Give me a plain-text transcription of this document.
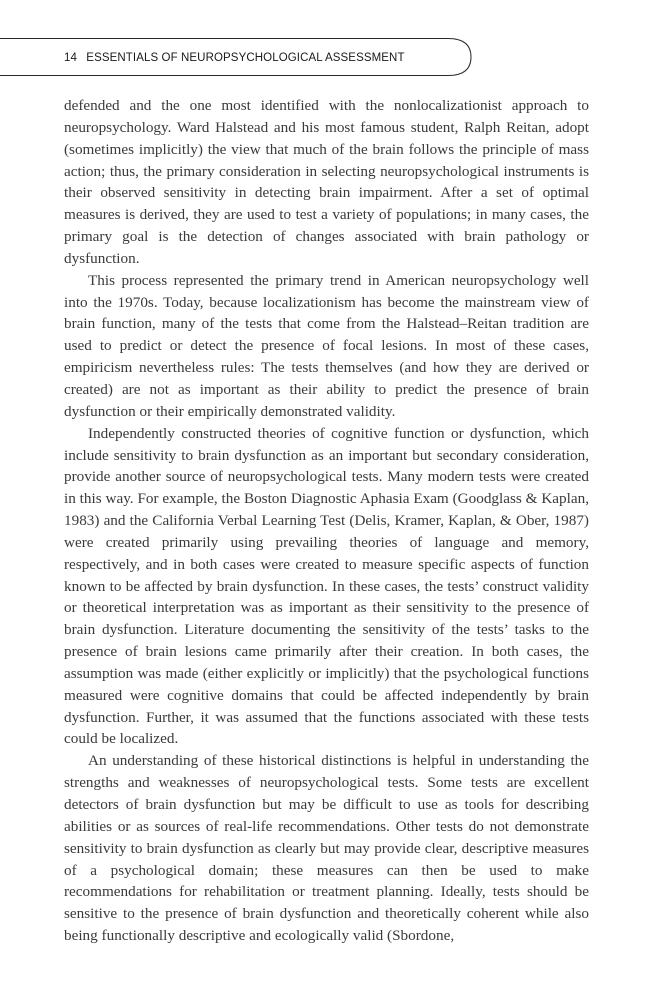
14 ESSENTIALS OF NEUROPSYCHOLOGICAL ASSESSMENT

defended and the one most identified with the nonlocalizationist approach to neuropsychology. Ward Halstead and his most famous student, Ralph Reitan, adopt (sometimes implicitly) the view that much of the brain follows the principle of mass action; thus, the primary consideration in selecting neuropsychological instruments is their observed sensitivity in detecting brain impairment. After a set of optimal measures is derived, they are used to test a variety of populations; in many cases, the primary goal is the detection of changes associated with brain pathology or dysfunction.

This process represented the primary trend in American neuropsychology well into the 1970s. Today, because localizationism has become the mainstream view of brain function, many of the tests that come from the Halstead–Reitan tradition are used to predict or detect the presence of focal lesions. In most of these cases, empiricism nevertheless rules: The tests themselves (and how they are derived or created) are not as important as their ability to predict the presence of brain dysfunction or their empirically demonstrated validity.

Independently constructed theories of cognitive function or dysfunction, which include sensitivity to brain dysfunction as an important but secondary consideration, provide another source of neuropsychological tests. Many modern tests were created in this way. For example, the Boston Diagnostic Aphasia Exam (Goodglass & Kaplan, 1983) and the California Verbal Learning Test (Delis, Kramer, Kaplan, & Ober, 1987) were created primarily using prevailing theories of language and memory, respectively, and in both cases were created to measure specific aspects of function known to be affected by brain dysfunction. In these cases, the tests’ construct validity or theoretical interpretation was as important as their sensitivity to the presence of brain dysfunction. Literature documenting the sensitivity of the tests’ tasks to the presence of brain lesions came primarily after their creation. In both cases, the assumption was made (either explicitly or implicitly) that the psychological functions measured were cognitive domains that could be affected independently by brain dysfunction. Further, it was assumed that the functions associated with these tests could be localized.

An understanding of these historical distinctions is helpful in understanding the strengths and weaknesses of neuropsychological tests. Some tests are excellent detectors of brain dysfunction but may be difficult to use as tools for describing abilities or as sources of real-life recommendations. Other tests do not demonstrate sensitivity to brain dysfunction as clearly but may provide clear, descriptive measures of a psychological domain; these measures can then be used to make recommendations for rehabilitation or treatment planning. Ideally, tests should be sensitive to the presence of brain dysfunction and theoretically coherent while also being functionally descriptive and ecologically valid (Sbordone,
